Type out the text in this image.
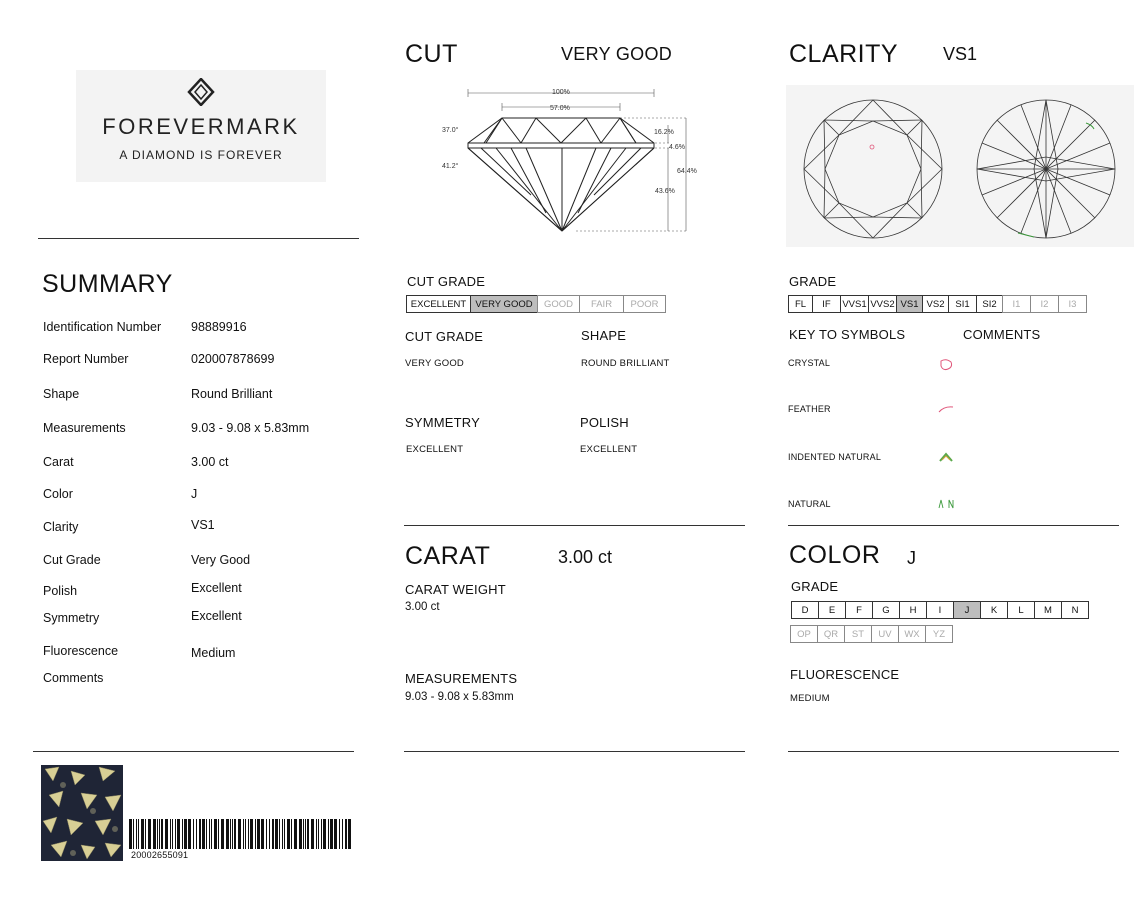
FOREVERMARK
A DIAMOND IS FOREVER
SUMMARY
Identification Number 98889916
Report Number	020007878699
Shape	Round Brilliant
Measurements	9.03 - 9.08 x 5.83mm
Carat	3.00 ct
Color	J
Clarity	VS1
Cut Grade	Very Good
Polish	Excellent
Symmetry	Excellent
Fluorescence	Medium
Comments
20002655091
CUT	VERY GOOD
100%
57.0%
37.0°
41.2°
16.2%
4.6%
64.4%
43.6%
CUT GRADE
EXCELLENT VERY GOOD	GOOD	FAIR	POOR
CUT GRADE
VERY GOOD
SHAPE
ROUND BRILLIANT
SYMMETRY
EXCELLENT
POLISH
EXCELLENT
CARAT	3.00 ct
CARAT WEIGHT
3.00 ct
MEASUREMENTS
9.03 - 9.08 x 5.83mm
CLARITY VS1
GRADE
FL	IF	VVS1 VVS2 VS1 VS2	SI1	SI2	I1	I2	I3
KEY TO SYMBOLS	COMMENTS
CRYSTAL
FEATHER
INDENTED NATURAL
NATURAL
COLOR J
GRADE
D	E	F	G	H	I	J	K	L	M	N
OP	QR	ST	UV	WX	YZ
FLUORESCENCE
MEDIUM
